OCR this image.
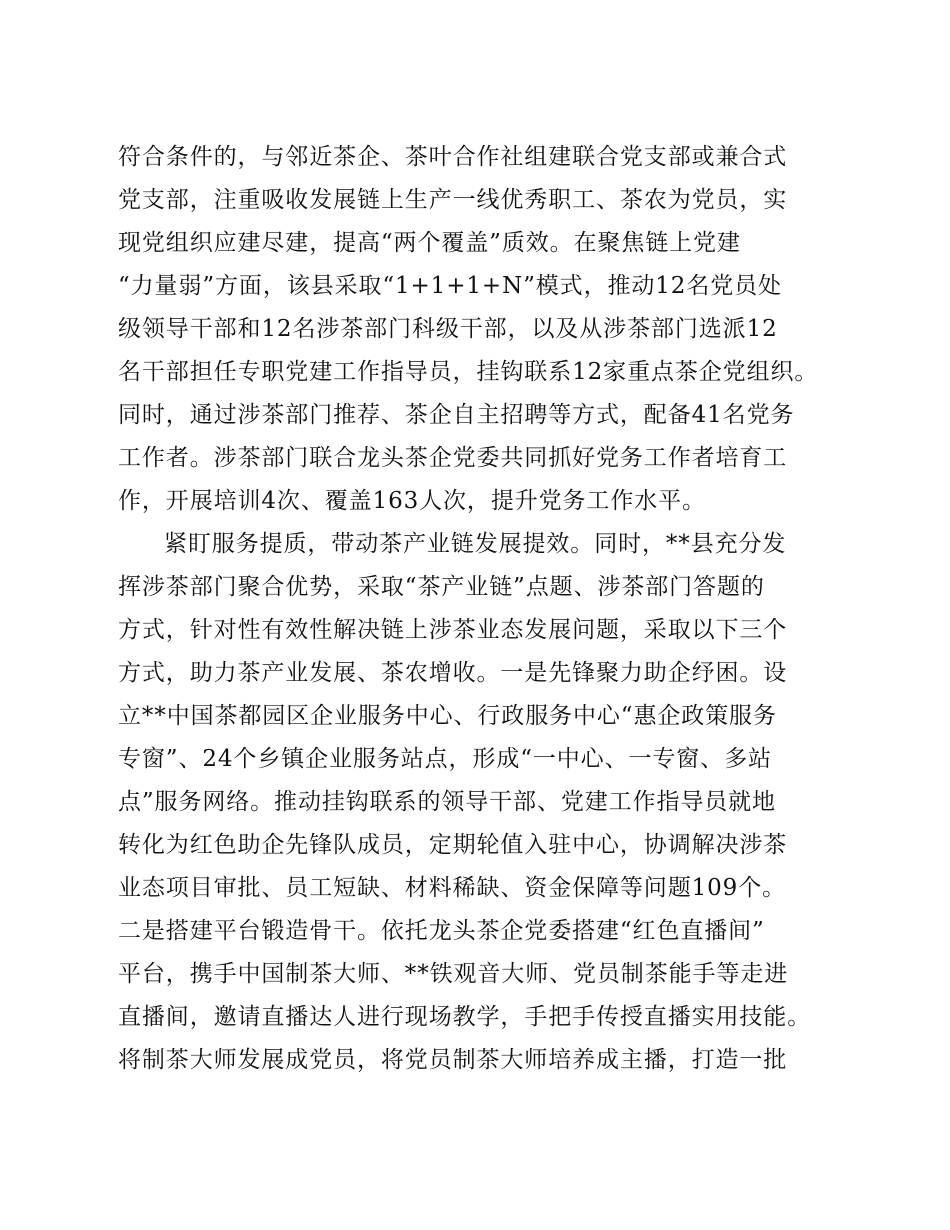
符合条件的，与邻近茶企、茶叶合作社组建联合党支部或兼合式
党支部，注重吸收发展链上生产一线优秀职工、茶农为党员，实
现党组织应建尽建，提高“两个覆盖”质效。在聚焦链上党建
“力量弱”方面，该县采取“1+1+1+N”模式，推动12名党员处
级领导干部和12名涉茶部门科级干部，以及从涉茶部门选派12
名干部担任专职党建工作指导员，挂钩联系12家重点茶企党组织。
同时，通过涉茶部门推荐、茶企自主招聘等方式，配备41名党务
工作者。涉茶部门联合龙头茶企党委共同抓好党务工作者培育工
作，开展培训4次、覆盖163人次，提升党务工作水平。
紧盯服务提质，带动茶产业链发展提效。同时，**县充分发
挥涉茶部门聚合优势，采取“茶产业链”点题、涉茶部门答题的
方式，针对性有效性解决链上涉茶业态发展问题，采取以下三个
方式，助力茶产业发展、茶农增收。一是先锋聚力助企纾困。设
立**中国茶都园区企业服务中心、行政服务中心“惠企政策服务
专窗”、24个乡镇企业服务站点，形成“一中心、一专窗、多站
点”服务网络。推动挂钩联系的领导干部、党建工作指导员就地
转化为红色助企先锋队成员，定期轮值入驻中心，协调解决涉茶
业态项目审批、员工短缺、材料稀缺、资金保障等问题109个。
二是搭建平台锻造骨干。依托龙头茶企党委搭建“红色直播间”
平台，携手中国制茶大师、**铁观音大师、党员制茶能手等走进
直播间，邀请直播达人进行现场教学，手把手传授直播实用技能。
将制茶大师发展成党员，将党员制茶大师培养成主播，打造一批
